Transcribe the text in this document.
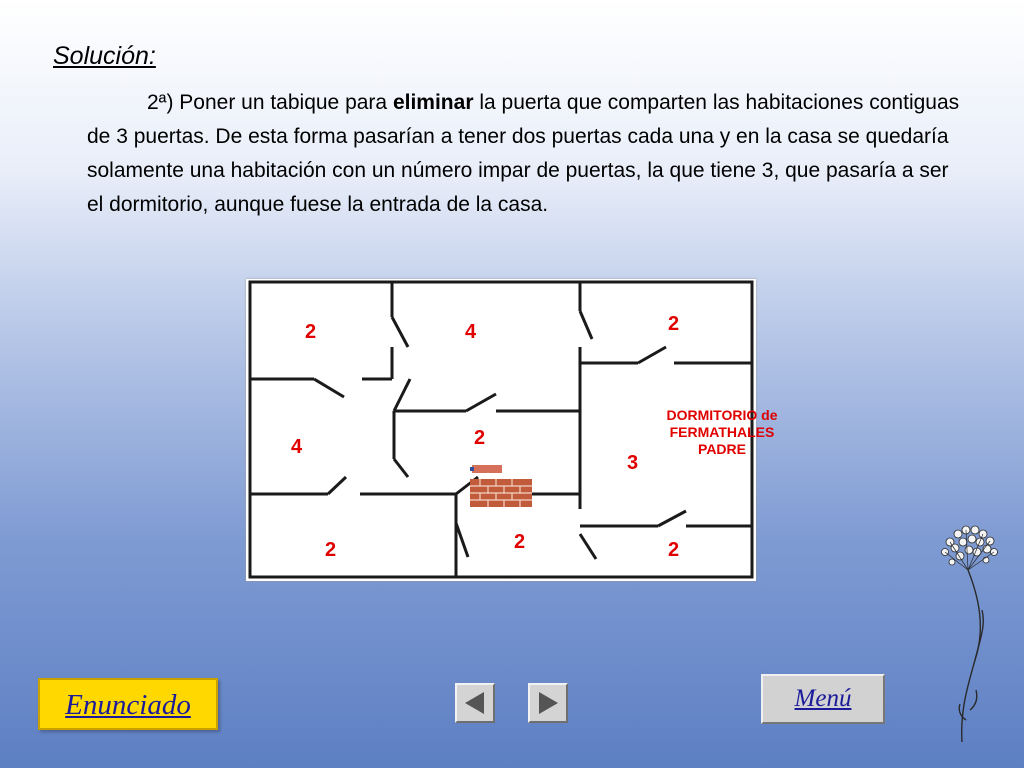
Solución:

2ª) Poner un tabique para eliminar la puerta que comparten las habitaciones contiguas de 3 puertas. De esta forma pasarían a tener dos puertas cada una y en la casa se quedaría solamente una habitación con un número impar de puertas, la que tiene 3, que pasaría a ser el dormitorio, aunque fuese la entrada de la casa.

2	4	2
4	2
3
2	2	2
DORMITORIO de
FERMATHALES
PADRE
Enunciado	Menú
